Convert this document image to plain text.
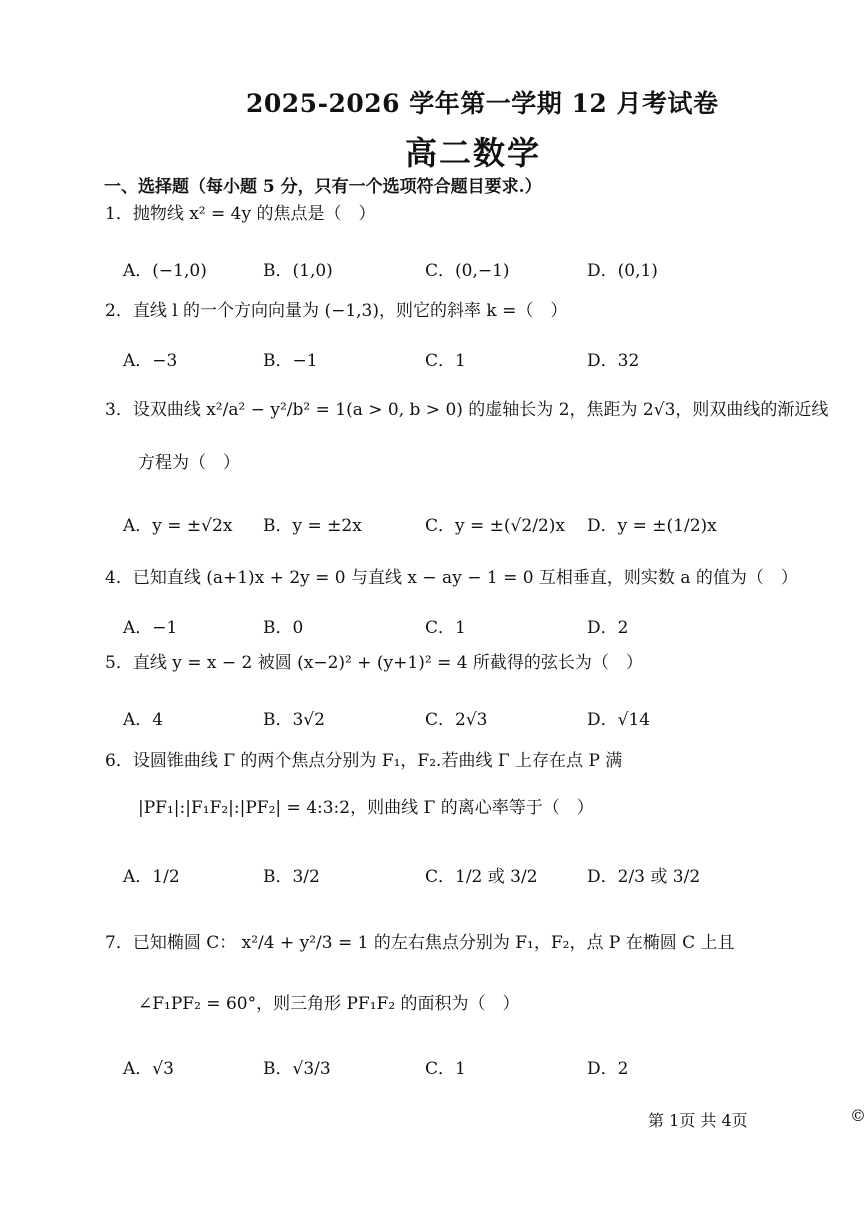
2025-2026 学年第一学期 12 月考试卷
高二数学
一、选择题（每小题 5 分，只有一个选项符合题目要求.）
1．抛物线 x² = 4y 的焦点是（　）
A．(−1,0)	B．(1,0)	C．(0,−1)	D．(0,1)
2．直线 l 的一个方向向量为 (−1,3)，则它的斜率 k =（　）
A．−3	B．−1	C．1	D．32
3．设双曲线 x²/a² − y²/b² = 1(a > 0, b > 0) 的虚轴长为 2，焦距为 2√3，则双曲线的渐近线
方程为（　）
A．y = ±√2x B．y = ±2x	C．y = ±(√2/2)x D．y = ±(1/2)x
4．已知直线 (a+1)x + 2y = 0 与直线 x − ay − 1 = 0 互相垂直，则实数 a 的值为（　）
A．−1	B．0	C．1	D．2
5．直线 y = x − 2 被圆 (x−2)² + (y+1)² = 4 所截得的弦长为（　）
A．4	B．3√2	C．2√3	D．√14
6．设圆锥曲线 Γ 的两个焦点分别为 F₁，F₂.若曲线 Γ 上存在点 P 满
|PF₁|:|F₁F₂|:|PF₂| = 4:3:2，则曲线 Γ 的离心率等于（　）
A．1/2	B．3/2	C．1/2 或 3/2	D．2/3 或 3/2
7．已知椭圆 C： x²/4 + y²/3 = 1 的左右焦点分别为 F₁，F₂，点 P 在椭圆 C 上且
∠F₁PF₂ = 60°，则三角形 PF₁F₂ 的面积为（　）
A．√3	B．√3/3	C．1	D．2
第 1页 共 4页	©
